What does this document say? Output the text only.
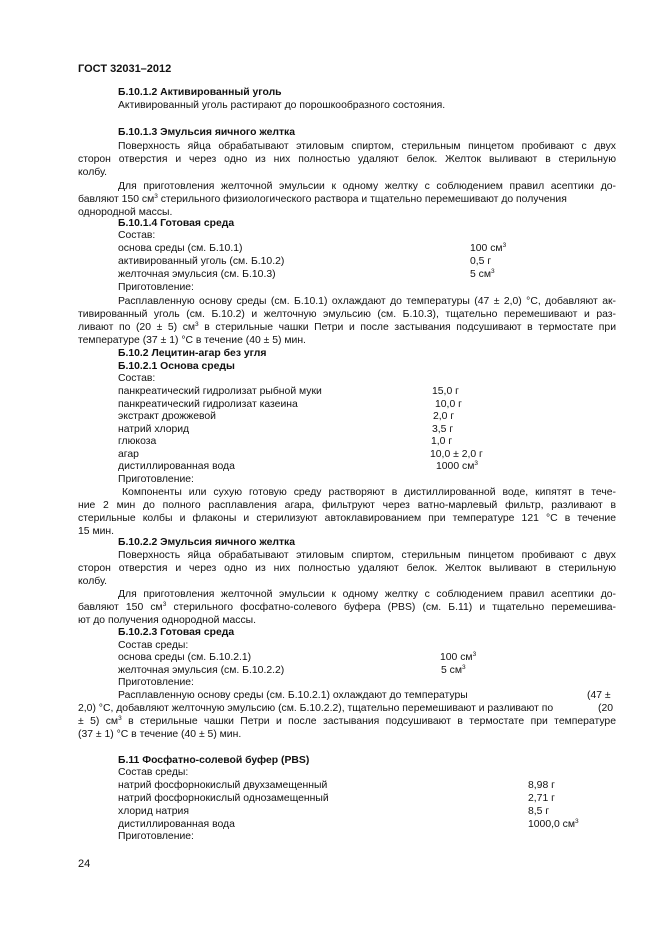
ГОСТ 32031–2012
Б.10.1.2 Активированный уголь
Активированный уголь растирают до порошкообразного состояния.
Б.10.1.3 Эмульсия яичного желтка
Поверхность яйца обрабатывают этиловым спиртом, стерильным пинцетом пробивают с двух
сторон отверстия и через одно из них полностью удаляют белок. Желток выливают в стерильную
колбу.
Для приготовления желточной эмульсии к одному желтку с соблюдением правил асептики до-
бавляют 150 $см^3$ стерильного физиологического раствора и тщательно перемешивают до получения
однородной массы.
Б.10.1.4 Готовая среда
Состав:
основа среды (см. Б.10.1)	100 $см^3$
активированный уголь (см. Б.10.2)	0,5 г
желточная эмульсия (см. Б.10.3)	5 $см^3$
Приготовление:
Расплавленную основу среды (см. Б.10.1) охлаждают до температуры (47 ± 2,0) °С, добавляют ак-
тивированный уголь (см. Б.10.2) и желточную эмульсию (см. Б.10.3), тщательно перемешивают и раз-
ливают по (20 ± 5) $см^3$ в стерильные чашки Петри и после застывания подсушивают в термостате при
температуре (37 ± 1) °С в течение (40 ± 5) мин.
Б.10.2 Лецитин-агар без угля
Б.10.2.1 Основа среды
Состав:
панкреатический гидролизат рыбной муки	15,0 г
панкреатический гидролизат казеина	10,0 г
экстракт дрожжевой	2,0 г
натрий хлорид	3,5 г
глюкоза	1,0 г
агар	10,0 ± 2,0 г
дистиллированная вода	1000 $см^3$
Приготовление:
Компоненты или сухую готовую среду растворяют в дистиллированной воде, кипятят в тече-
ние 2 мин до полного расплавления агара, фильтруют через ватно-марлевый фильтр, разливают в
стерильные колбы и флаконы и стерилизуют автоклавированием при температуре 121 °С в течение
15 мин.
Б.10.2.2 Эмульсия яичного желтка
Поверхность яйца обрабатывают этиловым спиртом, стерильным пинцетом пробивают с двух
сторон отверстия и через одно из них полностью удаляют белок. Желток выливают в стерильную
колбу.
Для приготовления желточной эмульсии к одному желтку с соблюдением правил асептики до-
бавляют 150 $см^3$ стерильного фосфатно-солевого буфера (PBS) (см. Б.11) и тщательно перемешива-
ют до получения однородной массы.
Б.10.2.3 Готовая среда
Состав среды:
основа среды (см. Б.10.2.1)	100 $см^3$
желточная эмульсия (см. Б.10.2.2)	5 $см^3$
Приготовление:
Расплавленную основу среды (см. Б.10.2.1) охлаждают до температуры	(47 ±
2,0) °С, добавляют желточную эмульсию (см. Б.10.2.2), тщательно перемешивают и разливают по	(20
± 5) $см^3$ в стерильные чашки Петри и после застывания подсушивают в термостате при температуре
(37 ± 1) °С в течение (40 ± 5) мин.
Б.11 Фосфатно-солевой буфер (PBS)
Состав среды:
натрий фосфорнокислый двухзамещенный	8,98 г
натрий фосфорнокислый однозамещенный	2,71 г
хлорид натрия	8,5 г
дистиллированная вода	1000,0 $см^3$
Приготовление:
24
